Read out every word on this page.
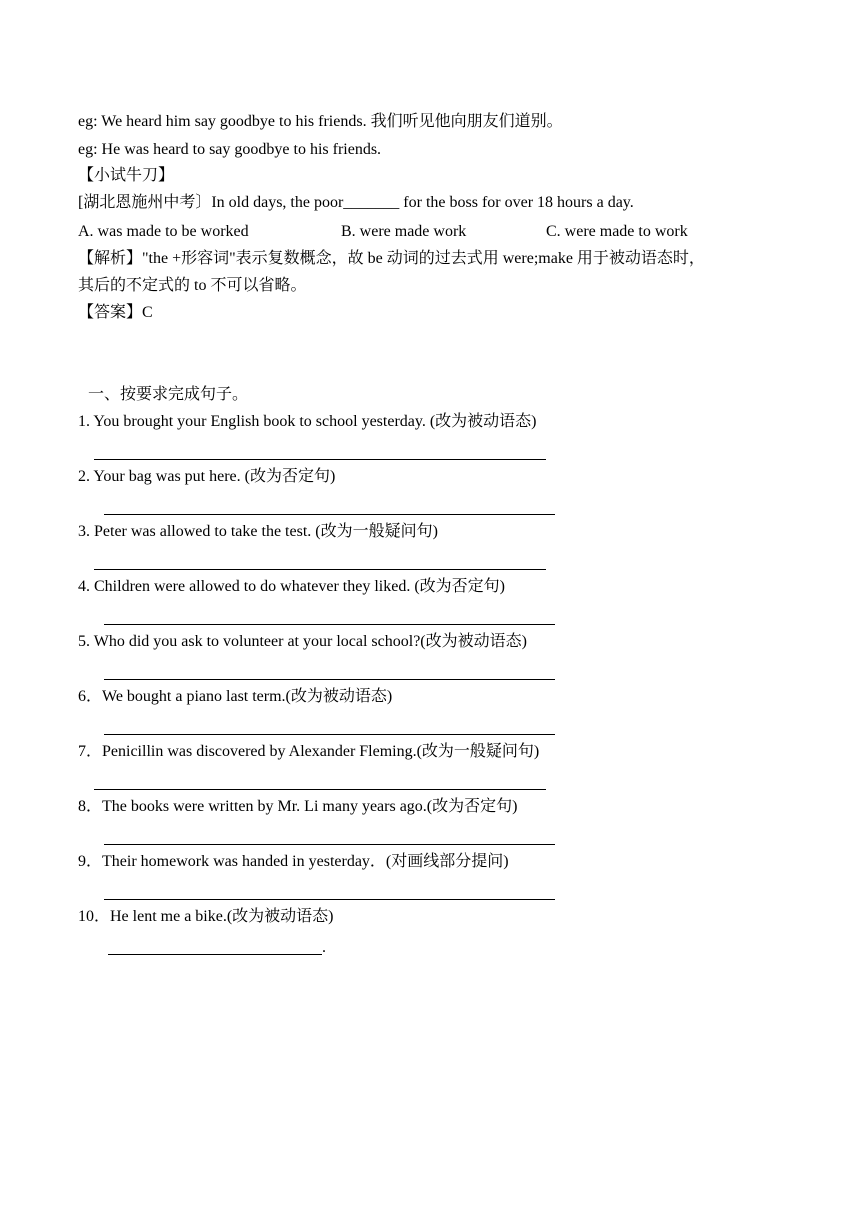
eg: We heard him say goodbye to his friends. 我们听见他向朋友们道别。
eg: He was heard to say goodbye to his friends.
【小试牛刀】
[湖北恩施州中考〕In old days, the poor_______ for the boss for over 18 hours a day.
A. was made to be worked	B. were made work	C. were made to work
【解析】"the +形容词"表示复数概念，故 be 动词的过去式用 were;make 用于被动语态时，
其后的不定式的 to 不可以省略。
【答案】C
一、按要求完成句子。
1. You brought your English book to school yesterday. (改为被动语态)
2. Your bag was put here. (改为否定句)
3. Peter was allowed to take the test. (改为一般疑问句)
4. Children were allowed to do whatever they liked. (改为否定句)
5. Who did you ask to volunteer at your local school?(改为被动语态)
6．We bought a piano last term.(改为被动语态)
7．Penicillin was discovered by Alexander Fleming.(改为一般疑问句)
8．The books were written by Mr. Li many years ago.(改为否定句)
9．Their homework was handed in yesterday．(对画线部分提问)
10．He lent me a bike.(改为被动语态)
.
